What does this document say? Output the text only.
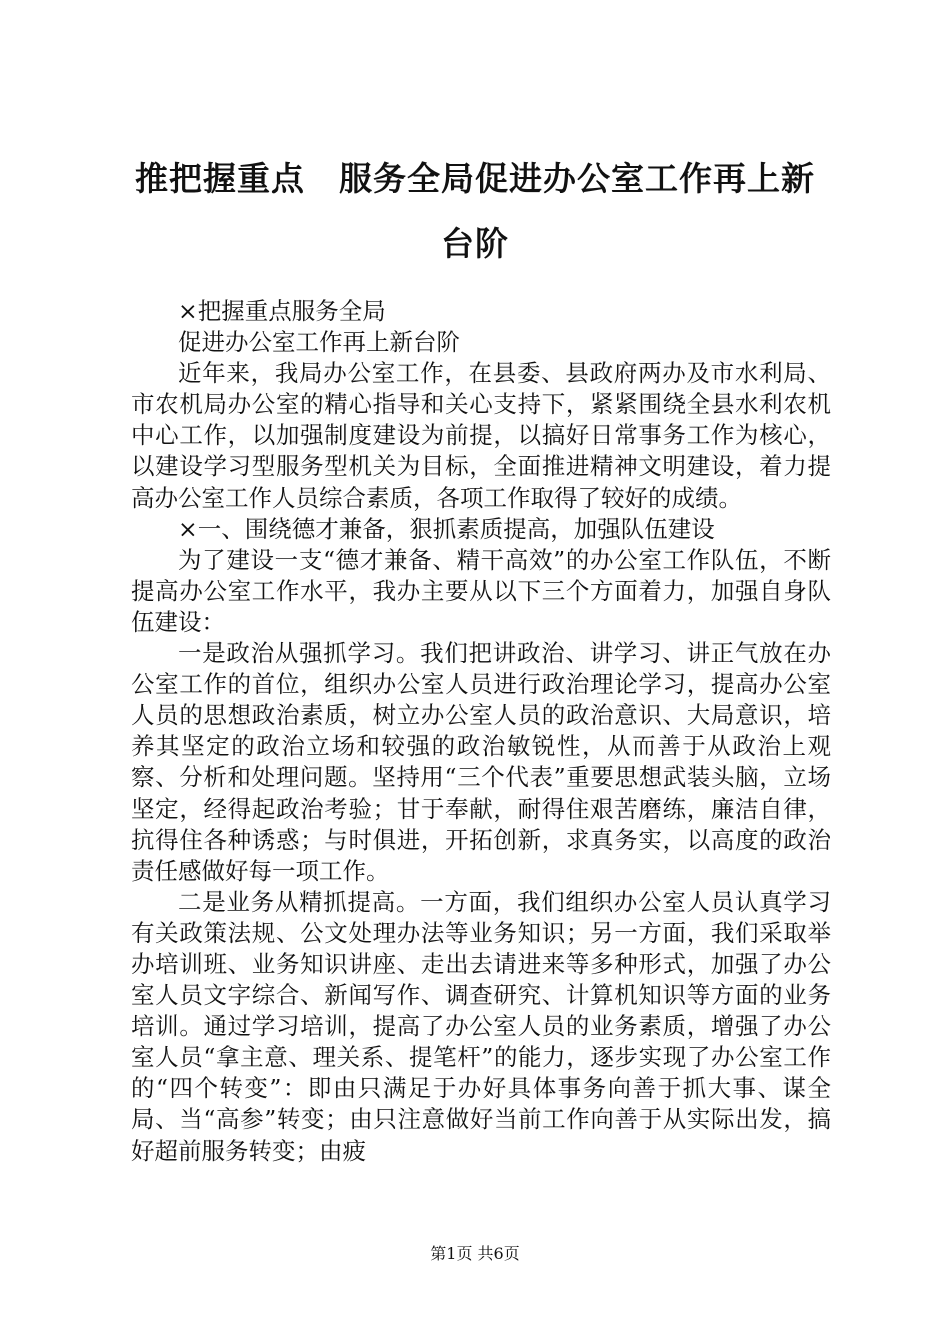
推把握重点　服务全局促进办公室工作再上新
台阶

×把握重点服务全局

促进办公室工作再上新台阶

近年来，我局办公室工作，在县委、县政府两办及市水利局、市农机局办公室的精心指导和关心支持下，紧紧围绕全县水利农机中心工作，以加强制度建设为前提，以搞好日常事务工作为核心，以建设学习型服务型机关为目标，全面推进精神文明建设，着力提高办公室工作人员综合素质，各项工作取得了较好的成绩。

×一、围绕德才兼备，狠抓素质提高，加强队伍建设

为了建设一支“德才兼备、精干高效”的办公室工作队伍，不断提高办公室工作水平，我办主要从以下三个方面着力，加强自身队伍建设：

一是政治从强抓学习。我们把讲政治、讲学习、讲正气放在办公室工作的首位，组织办公室人员进行政治理论学习，提高办公室人员的思想政治素质，树立办公室人员的政治意识、大局意识，培养其坚定的政治立场和较强的政治敏锐性，从而善于从政治上观察、分析和处理问题。坚持用“三个代表”重要思想武装头脑，立场坚定，经得起政治考验；甘于奉献，耐得住艰苦磨练，廉洁自律，抗得住各种诱惑；与时俱进，开拓创新，求真务实，以高度的政治责任感做好每一项工作。

二是业务从精抓提高。一方面，我们组织办公室人员认真学习有关政策法规、公文处理办法等业务知识；另一方面，我们采取举办培训班、业务知识讲座、走出去请进来等多种形式，加强了办公室人员文字综合、新闻写作、调查研究、计算机知识等方面的业务培训。通过学习培训，提高了办公室人员的业务素质，增强了办公室人员“拿主意、理关系、提笔杆”的能力，逐步实现了办公室工作的“四个转变”：即由只满足于办好具体事务向善于抓大事、谋全局、当“高参”转变；由只注意做好当前工作向善于从实际出发，搞好超前服务转变；由疲

第1页 共6页
